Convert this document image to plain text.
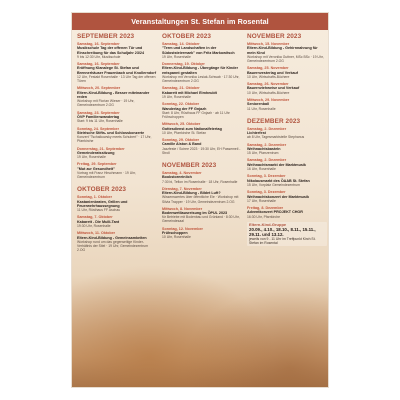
Veranstaltungen St. Stefan im Rosental
SEPTEMBER 2023
Samstag, 16. September
Musikschule Tag der offenen Tür und Einschreibung für das Schuljahr 23/24
9 bis 12:30 Uhr, Musikschule
Samstag, 16. September
Eröffnung Klanalege St. Stefan und Brennerhäuser Frauenbach und Knollerndorf
12 Uhr, Festakt Rosenhalle · 13 Uhr Tag der offenen Türen
Mittwoch, 20. September
Eltern-Kind-Bildung - Besser miteinander reden
Workshop mit Florian Wieser · 19 Uhr, Gemeindezentrum 2.OG
Samstag, 23. September
ÖVP Familienwandertag
Start: 9 bis 11 Uhr, Rosenhalle
Sonntag, 24. September
Steirische Stifts- und Schlosskonzerte
Konzert "Tschaikowsky meets Schubert" · 17 Uhr, Pfarrkirche
Donnerstag, 21. September
Gemeinderatssitzung
19 Uhr, Rosenhalle
Freitag, 29. September
"Mut zur Gesundheit"
Vortrag mit Franz Hirschmann · 19 Uhr, Gemeindezentrum
OKTOBER 2023
Sonntag, 1. Oktober
Kastanienbraten, Grillen und Feuerwehrhaussegnung
11 Uhr, Rüsthaus FF Aschau
Samstag, 7. Oktober
Kabarett - Die Mulli-Tant
19:30 Uhr, Rosenhalle
Mittwoch, 11. Oktober
Eltern-Kind-Bildung - Gemeinsamkeiten
Workshop rund um das gegenseitige Kinder-Verhältnis der Stiel · 19 Uhr, Gemeindezentrum 2.OG
OKTOBER 2023
Samstag, 14. Oktober
"Term und Landschaften in der Südoststeiermark" von Fritz Markowitsch
19 Uhr, Rosenhalle
Donnerstag, 19. Oktober
Eltern-Kind-Bildung - Übergänge für Kinder entspannt gestalten
Workshop mit Veronika Lesiak-Schwab · 17:30 Uhr, Gemeindezentrum 2.OG
Samstag, 21. Oktober
Kabarett mit Michael Eimheuldt
19 Uhr, Rosenhalle
Sonntag, 22. Oktober
Wanderlag der FF Gnjazh
Start: 8 Uhr, Rüsthaus FF Gnjazh · ab 11 Uhr Frühschoppen
Mittwoch, 25. Oktober
Gottesdienst zum Nationalfeiertag
10 Uhr, Pfarrkirche St. Stefan
Sonntag, 29. Oktober
Camille Alston & Band
Jazzfeste / Soiree 2023 · 19:30 Uhr, EH Passemeil - Stroll
NOVEMBER 2023
Samstag, 4. November
Bookstoreeinlich
7:30 bi, Teflon im Rosenhalle · 18 Uhr, Rosenhalle
Dienstag, 7. November
Eltern-Kind-Bildung - Bildet Luft?
Wissenswertes über öffentliche Ele · Workshop mit Silvia Trapper · 19 Uhr, Gemeindezentrum 2.OG
Mittwoch, 8. November
Bodenwetliausreisung im ÖPUL 2023
für Betriebe mit Bodenbau und Grünland · 8:30 Uhr, Gemeindesaal
Sonntag, 12. November
Frühschoppen
10 Uhr, Rosenhalle
NOVEMBER 2023
Mittwoch, 15. November
Eltern-Kind-Bildung - Gehirnnahrung für mein Kind
Workshop mit Veronika Guttner, MSc BSc · 19 Uhr, Gemeindezentrum 2.OG
Samstag, 25. November
Bauernvesterlag und Verkauf
10 Uhr, Wirtschafts-Büchere
Samstag, 26. November
Bauernviehweise und Verkauf
10 Uhr, Wirtschafts-Büchere
Mittwoch, 29. November
Seniorenball
11 Uhr, Rosenhalle
DEZEMBER 2023
Samstag, 2. Dezember
Lichterfest
ab 8 Uhr, Tagesmarktstelle Stephanus
Samstag, 2. Dezember
Weihnachtsbasteln
15 Uhr, Pfarrzentrum
Samstag, 2. Dezember
Weihnachtsmarkt der Marktmusik
16 Uhr, Rosenhalle
Sonntag, 3. Dezember
Nikolausmarkt des ÖAAB St. Stefan
15 Uhr, Vorplatz Gemeindezentrum
Sonntag, 3. Dezember
Weihnachtskonzert der Marktmusik
17 Uhr, Rosenhalle
Freitag, 8. Dezember
Adventkonzert PROJEKT CHOR
16:30 Uhr, Pfarrkirche
Eltern-Kind-Gruppe
20.09., 4.10., 18.10., 8.11., 15.11., 29.11. und 13.12.
jeweils von 9 - 11 Uhr im Treffpunkt Kirch St. Stefan im Rosental
